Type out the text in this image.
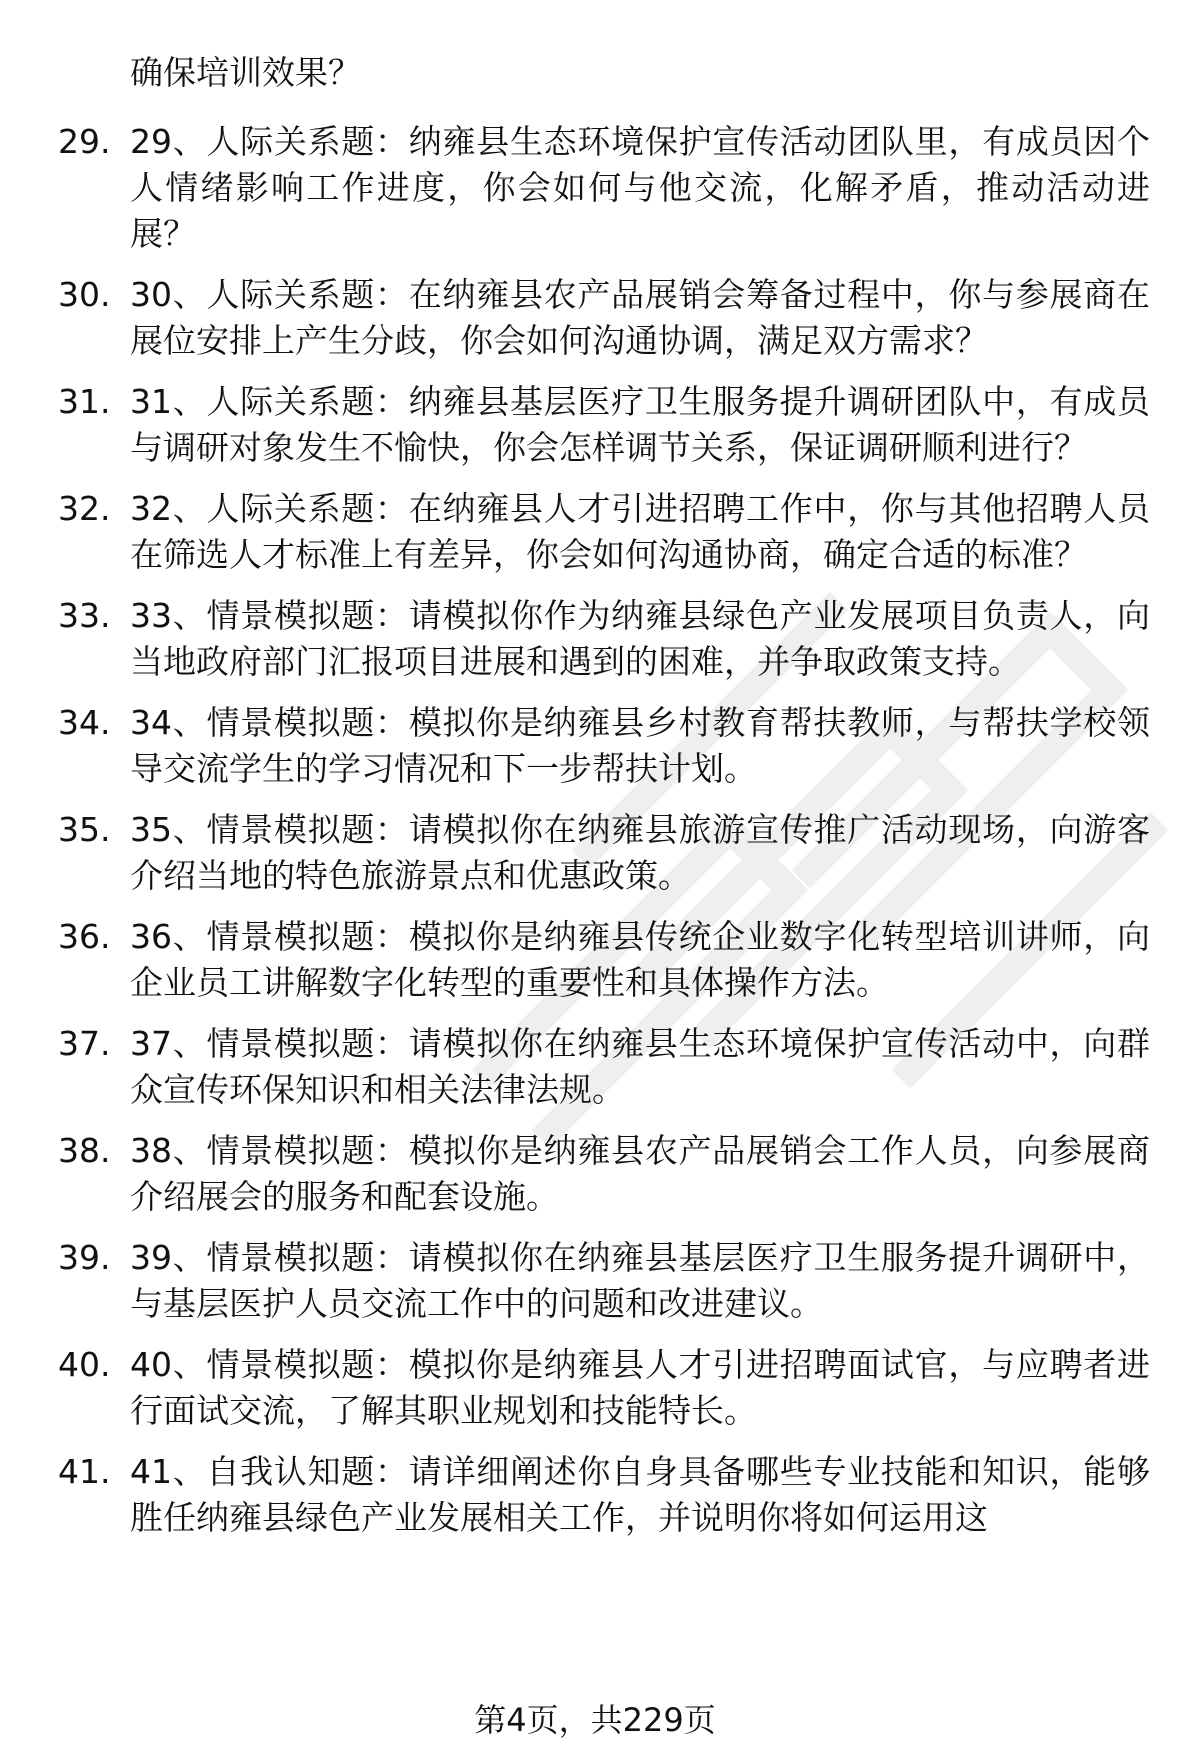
确保培训效果？

29. 29、人际关系题：纳雍县生态环境保护宣传活动团队里，有成员因个人情绪影响工作进度，你会如何与他交流，化解矛盾，推动活动进展？
30. 30、人际关系题：在纳雍县农产品展销会筹备过程中，你与参展商在展位安排上产生分歧，你会如何沟通协调，满足双方需求？
31. 31、人际关系题：纳雍县基层医疗卫生服务提升调研团队中，有成员与调研对象发生不愉快，你会怎样调节关系，保证调研顺利进行？
32. 32、人际关系题：在纳雍县人才引进招聘工作中，你与其他招聘人员在筛选人才标准上有差异，你会如何沟通协商，确定合适的标准？
33. 33、情景模拟题：请模拟你作为纳雍县绿色产业发展项目负责人，向当地政府部门汇报项目进展和遇到的困难，并争取政策支持。
34. 34、情景模拟题：模拟你是纳雍县乡村教育帮扶教师，与帮扶学校领导交流学生的学习情况和下一步帮扶计划。
35. 35、情景模拟题：请模拟你在纳雍县旅游宣传推广活动现场，向游客介绍当地的特色旅游景点和优惠政策。
36. 36、情景模拟题：模拟你是纳雍县传统企业数字化转型培训讲师，向企业员工讲解数字化转型的重要性和具体操作方法。
37. 37、情景模拟题：请模拟你在纳雍县生态环境保护宣传活动中，向群众宣传环保知识和相关法律法规。
38. 38、情景模拟题：模拟你是纳雍县农产品展销会工作人员，向参展商介绍展会的服务和配套设施。
39. 39、情景模拟题：请模拟你在纳雍县基层医疗卫生服务提升调研中，与基层医护人员交流工作中的问题和改进建议。
40. 40、情景模拟题：模拟你是纳雍县人才引进招聘面试官，与应聘者进行面试交流，了解其职业规划和技能特长。
41. 41、自我认知题：请详细阐述你自身具备哪些专业技能和知识，能够胜任纳雍县绿色产业发展相关工作，并说明你将如何运用这
第4页，共229页
